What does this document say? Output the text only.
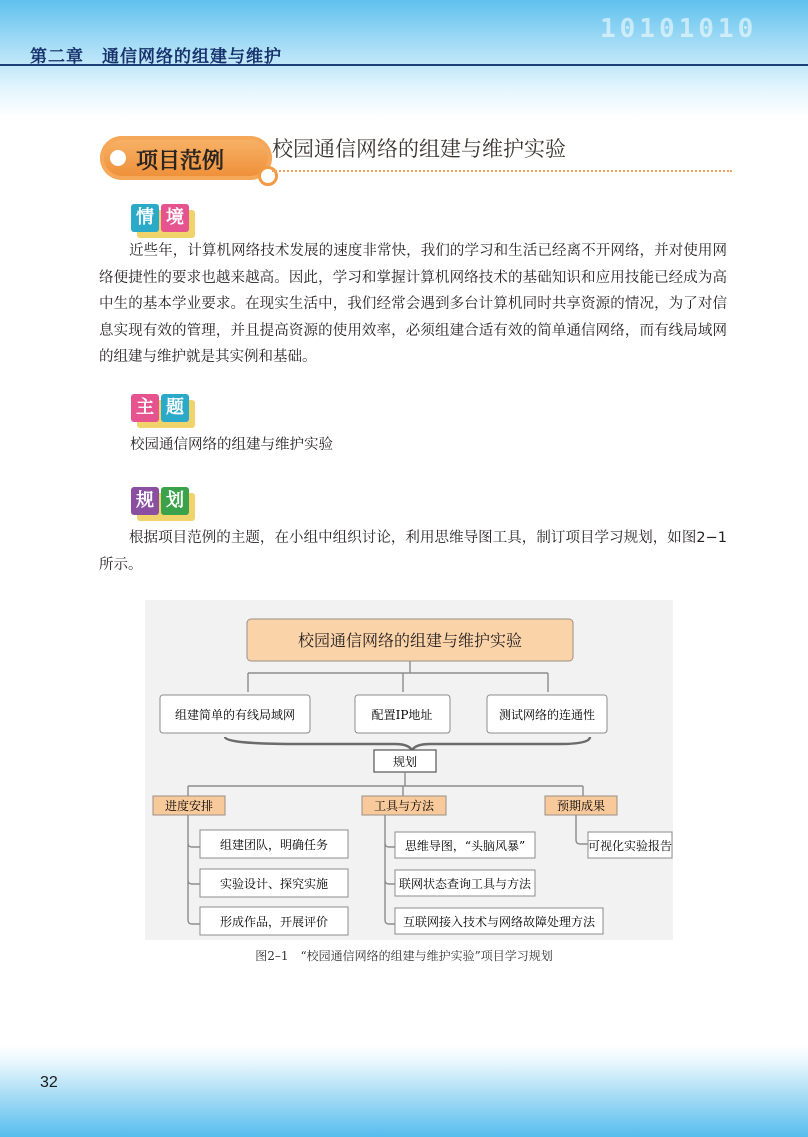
10101010
第二章　通信网络的组建与维护
项目范例 校园通信网络的组建与维护实验
情 境
近些年，计算机网络技术发展的速度非常快，我们的学习和生活已经离不开网络，并对使用网络便捷性的要求也越来越高。因此，学习和掌握计算机网络技术的基础知识和应用技能已经成为高中生的基本学业要求。在现实生活中，我们经常会遇到多台计算机同时共享资源的情况，为了对信息实现有效的管理，并且提高资源的使用效率，必须组建合适有效的简单通信网络，而有线局域网的组建与维护就是其实例和基础。
主 题
校园通信网络的组建与维护实验
规 划
根据项目范例的主题，在小组中组织讨论，利用思维导图工具，制订项目学习规划，如图2−1所示。
校园通信网络的组建与维护实验
组建简单的有线局域网	配置IP地址	测试网络的连通性
规划
进度安排	工具与方法	预期成果
组建团队，明确任务
实验设计、探究实施
形成作品，开展评价
思维导图，“头脑风暴”
联网状态查询工具与方法
互联网接入技术与网络故障处理方法
可视化实验报告
图2–1　“校园通信网络的组建与维护实验”项目学习规划
32
